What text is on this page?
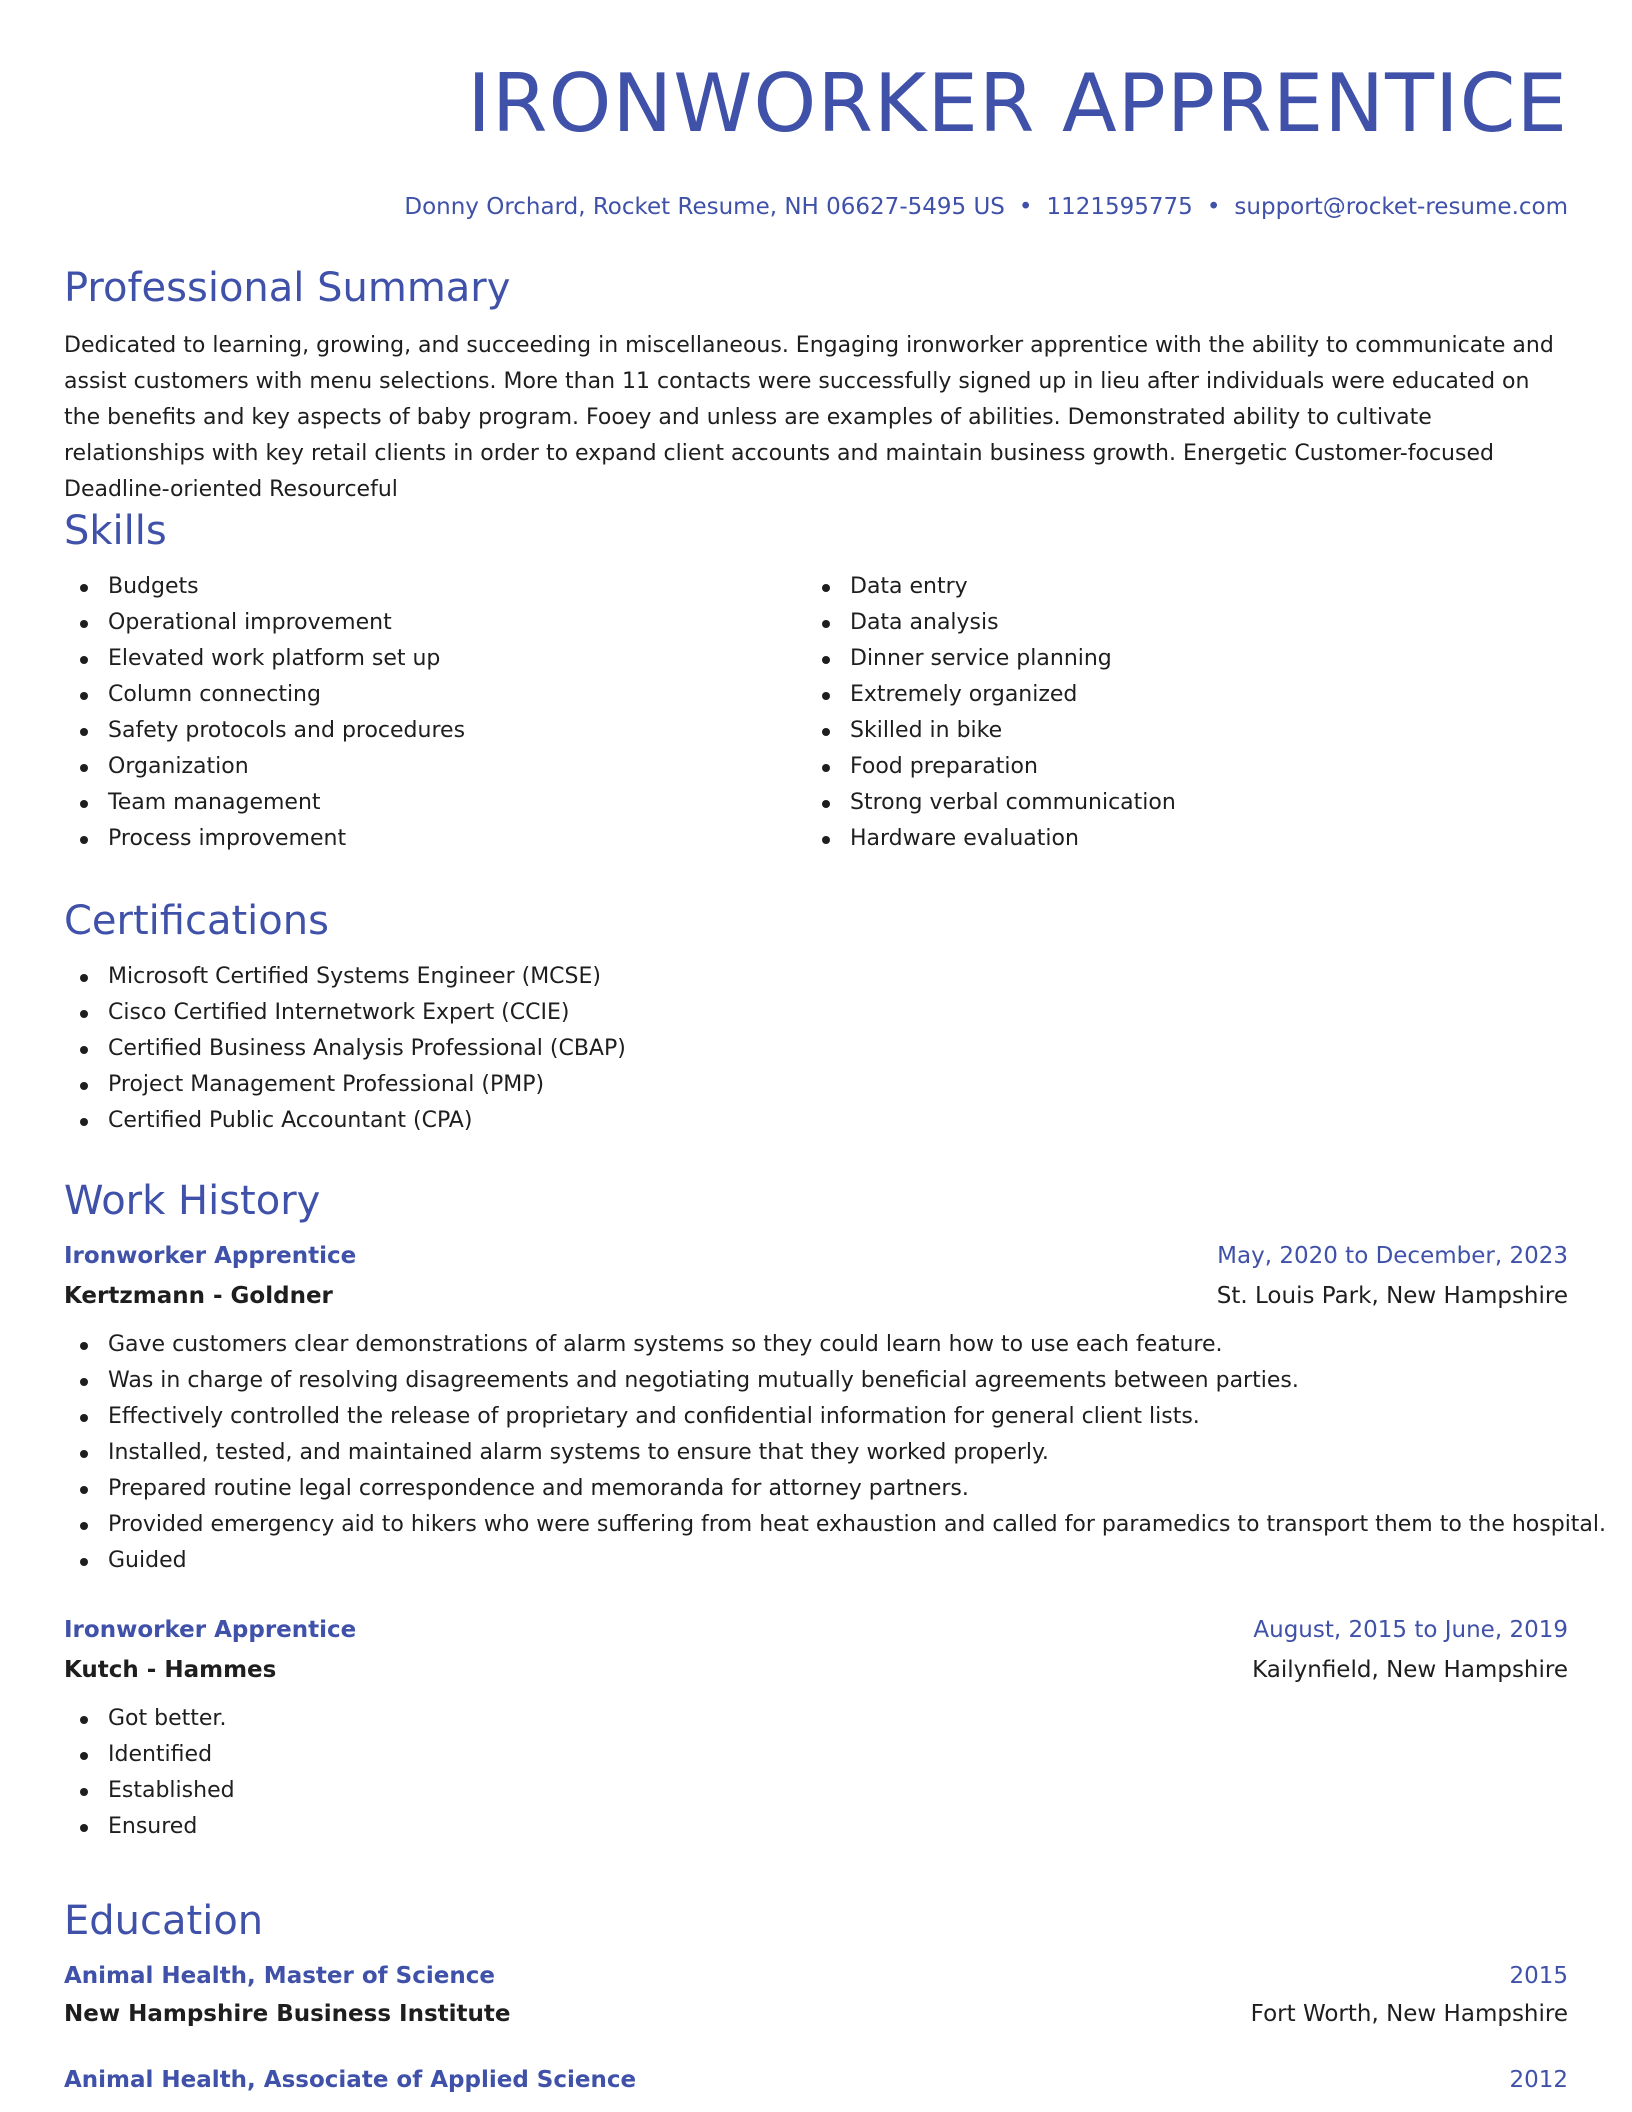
IRONWORKER APPRENTICE
Donny Orchard, Rocket Resume, NH 06627-5495 US • 1121595775 • support@rocket-resume.com
Professional Summary

Dedicated to learning, growing, and succeeding in miscellaneous. Engaging ironworker apprentice with the ability to communicate and assist customers with menu selections. More than 11 contacts were successfully signed up in lieu after individuals were educated on the benefits and key aspects of baby program. Fooey and unless are examples of abilities. Demonstrated ability to cultivate relationships with key retail clients in order to expand client accounts and maintain business growth. Energetic Customer-focused Deadline-oriented Resourceful

Skills
Budgets
Operational improvement
Elevated work platform set up
Column connecting
Safety protocols and procedures
Organization
Team management
Process improvement
Data entry
Data analysis
Dinner service planning
Extremely organized
Skilled in bike
Food preparation
Strong verbal communication
Hardware evaluation
Certifications
Microsoft Certified Systems Engineer (MCSE)
Cisco Certified Internetwork Expert (CCIE)
Certified Business Analysis Professional (CBAP)
Project Management Professional (PMP)
Certified Public Accountant (CPA)
Work History
Ironworker Apprentice	May, 2020 to December, 2023
Kertzmann - Goldner	St. Louis Park, New Hampshire
Gave customers clear demonstrations of alarm systems so they could learn how to use each feature.
Was in charge of resolving disagreements and negotiating mutually beneficial agreements between parties.
Effectively controlled the release of proprietary and confidential information for general client lists.
Installed, tested, and maintained alarm systems to ensure that they worked properly.
Prepared routine legal correspondence and memoranda for attorney partners.
Provided emergency aid to hikers who were suffering from heat exhaustion and called for paramedics to transport them to the hospital.
Guided
Ironworker Apprentice	August, 2015 to June, 2019
Kutch - Hammes	Kailynfield, New Hampshire
Got better.
Identified
Established
Ensured
Education
Animal Health, Master of Science	2015
New Hampshire Business Institute	Fort Worth, New Hampshire
Animal Health, Associate of Applied Science	2012
